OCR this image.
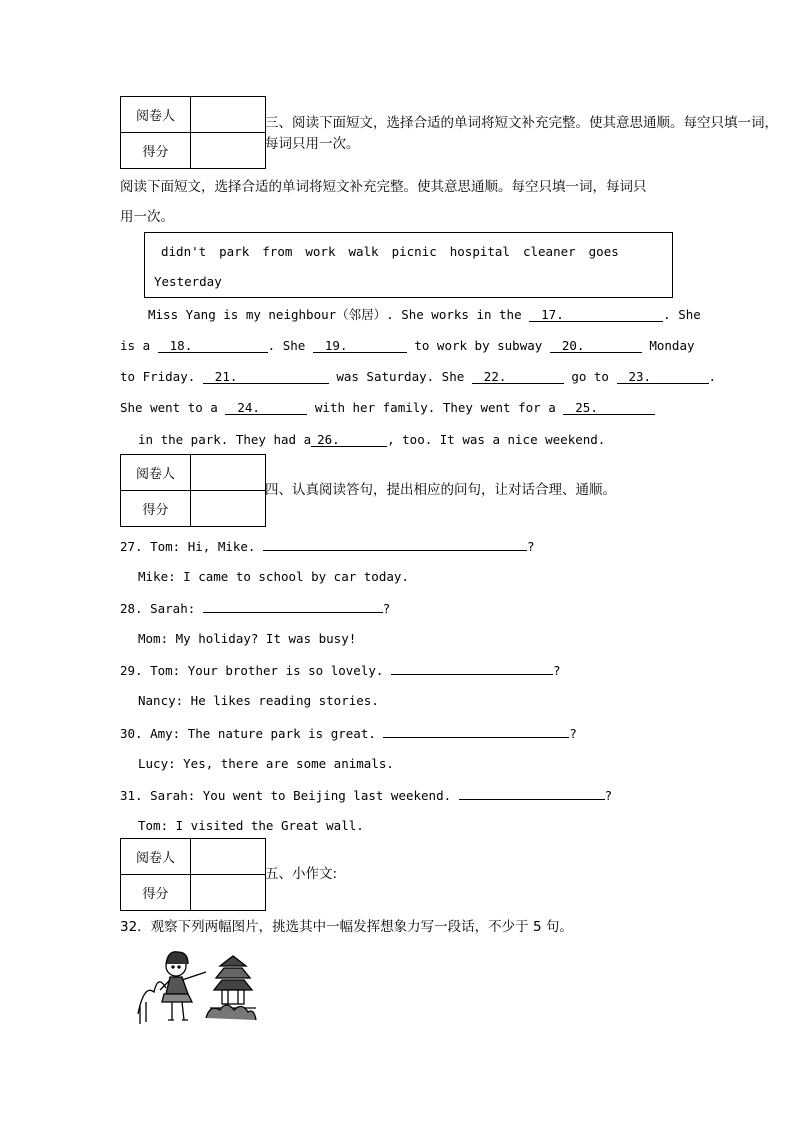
阅卷人	
得分	
三、阅读下面短文，选择合适的单词将短文补充完整。使其意思通顺。每空只填一词，
每词只用一次。
阅读下面短文，选择合适的单词将短文补充完整。使其意思通顺。每空只填一词，每词只
用一次。
didn't park from work walk picnic hospital cleaner goes
Yesterday
Miss Yang is my neighbour（邻居）. She works in the 17.	. She
is a 18.	. She 19.	to work by subway 20.	Monday
to Friday. 21.	was Saturday. She 22.	go to 23.	.
She went to a 24.	with her family. They went for a 25.
in the park. They had a 26.	, too. It was a nice weekend.
阅卷人	
得分	
四、认真阅读答句，提出相应的问句，让对话合理、通顺。
27. Tom: Hi, Mike.	?
Mike: I came to school by car today.
28. Sarah:	?
Mom: My holiday? It was busy!
29. Tom: Your brother is so lovely.	?
Nancy: He likes reading stories.
30. Amy: The nature park is great.	?
Lucy: Yes, there are some animals.
31. Sarah: You went to Beijing last weekend.	?
Tom: I visited the Great wall.
阅卷人	
得分	
五、小作文:
32．观察下列两幅图片，挑选其中一幅发挥想象力写一段话，不少于 5 句。
